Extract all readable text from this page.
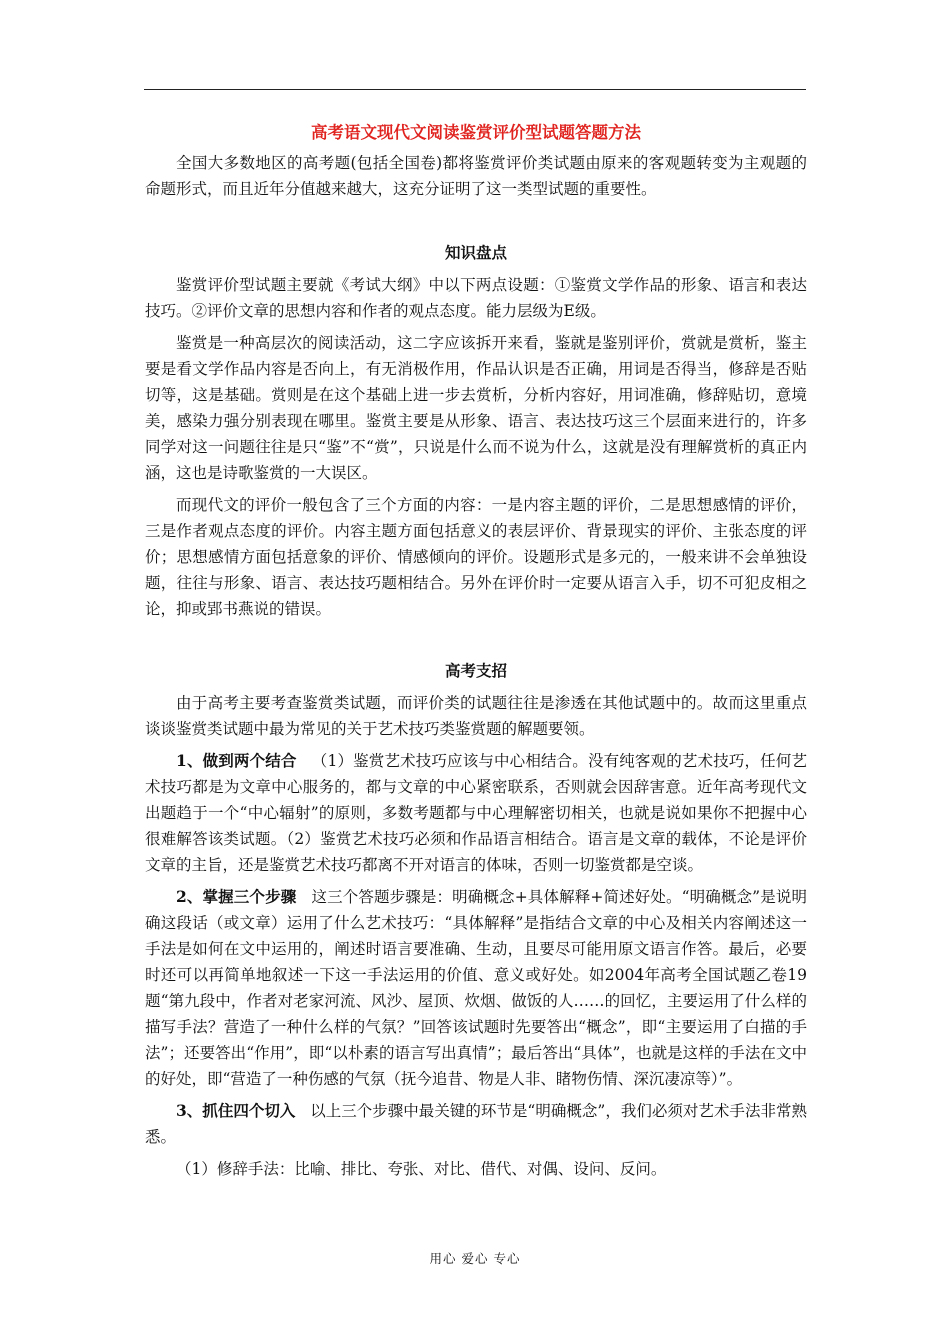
高考语文现代文阅读鉴赏评价型试题答题方法

全国大多数地区的高考题(包括全国卷)都将鉴赏评价类试题由原来的客观题转变为主观题的命题形式，而且近年分值越来越大，这充分证明了这一类型试题的重要性。

知识盘点

鉴赏评价型试题主要就《考试大纲》中以下两点设题：①鉴赏文学作品的形象、语言和表达技巧。②评价文章的思想内容和作者的观点态度。能力层级为E级。

鉴赏是一种高层次的阅读活动，这二字应该拆开来看，鉴就是鉴别评价，赏就是赏析，鉴主要是看文学作品内容是否向上，有无消极作用，作品认识是否正确，用词是否得当，修辞是否贴切等，这是基础。赏则是在这个基础上进一步去赏析，分析内容好，用词准确，修辞贴切，意境美，感染力强分别表现在哪里。鉴赏主要是从形象、语言、表达技巧这三个层面来进行的，许多同学对这一问题往往是只“鉴”不“赏”，只说是什么而不说为什么，这就是没有理解赏析的真正内涵，这也是诗歌鉴赏的一大误区。

而现代文的评价一般包含了三个方面的内容：一是内容主题的评价，二是思想感情的评价，三是作者观点态度的评价。内容主题方面包括意义的表层评价、背景现实的评价、主张态度的评价；思想感情方面包括意象的评价、情感倾向的评价。设题形式是多元的，一般来讲不会单独设题，往往与形象、语言、表达技巧题相结合。另外在评价时一定要从语言入手，切不可犯皮相之论，抑或郢书燕说的错误。

高考支招

由于高考主要考查鉴赏类试题，而评价类的试题往往是渗透在其他试题中的。故而这里重点谈谈鉴赏类试题中最为常见的关于艺术技巧类鉴赏题的解题要领。

1、做到两个结合 （1）鉴赏艺术技巧应该与中心相结合。没有纯客观的艺术技巧，任何艺术技巧都是为文章中心服务的，都与文章的中心紧密联系，否则就会因辞害意。近年高考现代文出题趋于一个“中心辐射”的原则，多数考题都与中心理解密切相关，也就是说如果你不把握中心很难解答该类试题。（2）鉴赏艺术技巧必须和作品语言相结合。语言是文章的载体，不论是评价文章的主旨，还是鉴赏艺术技巧都离不开对语言的体味，否则一切鉴赏都是空谈。

2、掌握三个步骤 这三个答题步骤是：明确概念+具体解释+简述好处。“明确概念”是说明确这段话（或文章）运用了什么艺术技巧：“具体解释”是指结合文章的中心及相关内容阐述这一手法是如何在文中运用的，阐述时语言要准确、生动，且要尽可能用原文语言作答。最后，必要时还可以再简单地叙述一下这一手法运用的价值、意义或好处。如2004年高考全国试题乙卷19题“第九段中，作者对老家河流、风沙、屋顶、炊烟、做饭的人……的回忆，主要运用了什么样的描写手法？营造了一种什么样的气氛？”回答该试题时先要答出“概念”，即“主要运用了白描的手法”；还要答出“作用”，即“以朴素的语言写出真情”；最后答出“具体”，也就是这样的手法在文中的好处，即“营造了一种伤感的气氛（抚今追昔、物是人非、睹物伤情、深沉凄凉等）”。

3、抓住四个切入 以上三个步骤中最关键的环节是“明确概念”，我们必须对艺术手法非常熟悉。

（1）修辞手法：比喻、排比、夸张、对比、借代、对偶、设问、反问。

用心 爱心 专心
